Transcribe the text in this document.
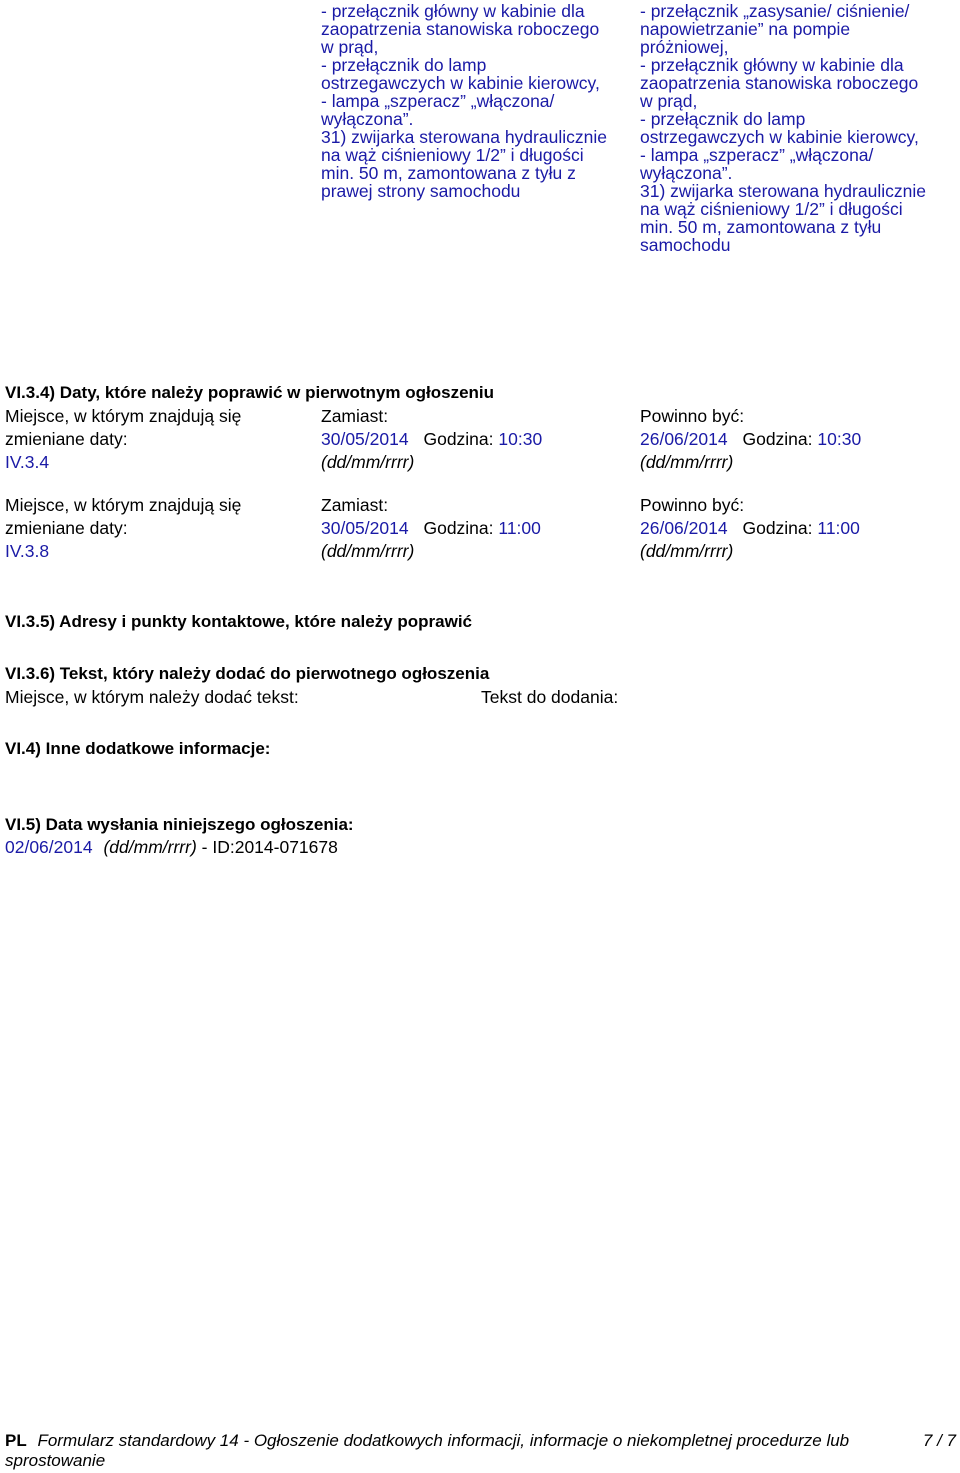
- przełącznik główny w kabinie dla
zaopatrzenia stanowiska roboczego
w prąd,
- przełącznik do lamp
ostrzegawczych w kabinie kierowcy,
- lampa „szperacz” „włączona/
wyłączona”.
31) zwijarka sterowana hydraulicznie
na wąż ciśnieniowy 1/2” i długości
min. 50 m, zamontowana z tyłu z
prawej strony samochodu
- przełącznik „zasysanie/ ciśnienie/
napowietrzanie” na pompie
próżniowej,
- przełącznik główny w kabinie dla
zaopatrzenia stanowiska roboczego
w prąd,
- przełącznik do lamp
ostrzegawczych w kabinie kierowcy,
- lampa „szperacz” „włączona/
wyłączona”.
31) zwijarka sterowana hydraulicznie
na wąż ciśnieniowy 1/2” i długości
min. 50 m, zamontowana z tyłu
samochodu
VI.3.4) Daty, które należy poprawić w pierwotnym ogłoszeniu
Miejsce, w którym znajdują się
zmieniane daty:
IV.3.4
Zamiast:
30/05/2014 Godzina: 10:30
(dd/mm/rrrr)
Powinno być:
26/06/2014 Godzina: 10:30
(dd/mm/rrrr)
Miejsce, w którym znajdują się
zmieniane daty:
IV.3.8
Zamiast:
30/05/2014 Godzina: 11:00
(dd/mm/rrrr)
Powinno być:
26/06/2014 Godzina: 11:00
(dd/mm/rrrr)
VI.3.5) Adresy i punkty kontaktowe, które należy poprawić
VI.3.6) Tekst, który należy dodać do pierwotnego ogłoszenia
Miejsce, w którym należy dodać tekst:	Tekst do dodania:
VI.4) Inne dodatkowe informacje:
VI.5) Data wysłania niniejszego ogłoszenia:
02/06/2014 (dd/mm/rrrr) - ID:2014-071678
PL Formularz standardowy 14 - Ogłoszenie dodatkowych informacji, informacje o niekompletnej procedurze lub
sprostowanie
7 / 7
